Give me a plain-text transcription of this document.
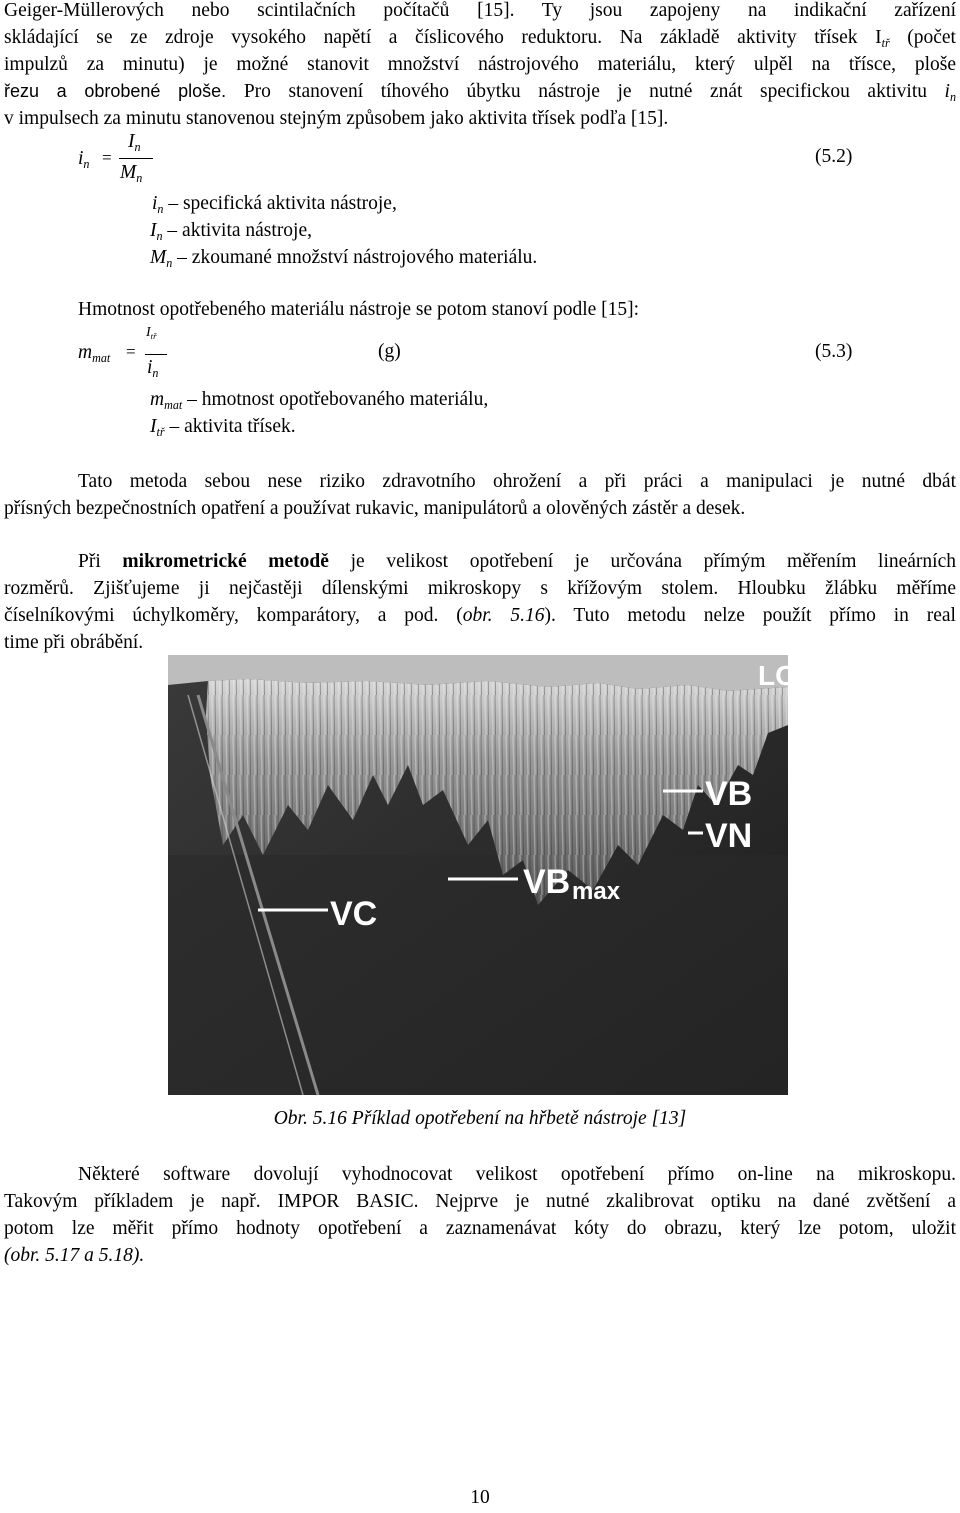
Geiger-Müllerových nebo scintilačních počítačů [15]. Ty jsou zapojeny na indikační zařízení
skládající se ze zdroje vysokého napětí a číslicového reduktoru. Na základě aktivity třísek $I_{tř}$ (počet
impulzů za minutu) je možné stanovit množství nástrojového materiálu, který ulpěl na třísce, ploše
řezu a obrobené ploše. Pro stanovení tíhového úbytku nástroje je nutné znát specifickou aktivitu $i_n$
v impulsech za minutu stanovenou stejným způsobem jako aktivita třísek podľa [15].
$i_n$ =
$I_n$
$M_n$
(5.2)
$i_n$ – specifická aktivita nástroje,
$I_n$ – aktivita nástroje,
$M_n$ – zkoumané množství nástrojového materiálu.
Hmotnost opotřebeného materiálu nástroje se potom stanoví podle [15]:
$m_{mat}$ =
$I_{tř}$
$i_n$
(g)	(5.3)
$m_{mat}$ – hmotnost opotřebovaného materiálu,
$I_{tř}$ – aktivita třísek.
Tato metoda sebou nese riziko zdravotního ohrožení a při práci a manipulaci je nutné dbát
přísných bezpečnostních opatření a používat rukavic, manipulátorů a olověných zástěr a desek.
Při mikrometrické metodě je velikost opotřebení je určována přímým měřením lineárních
rozměrů. Zjišťujeme ji nejčastěji dílenskými mikroskopy s křížovým stolem. Hloubku žlábku měříme
číselníkovými úchylkoměry, komparátory, a pod. (obr. 5.16). Tuto metodu nelze použít přímo in real
time při obrábění.
VB
VN
VB max
VC
LO
Obr. 5.16 Příklad opotřebení na hřbetě nástroje [13]
Některé software dovolují vyhodnocovat velikost opotřebení přímo on-line na mikroskopu.
Takovým příkladem je např. IMPOR BASIC. Nejprve je nutné zkalibrovat optiku na dané zvětšení a
potom lze měřit přímo hodnoty opotřebení a zaznamenávat kóty do obrazu, který lze potom, uložit
(obr. 5.17 a 5.18).
10
